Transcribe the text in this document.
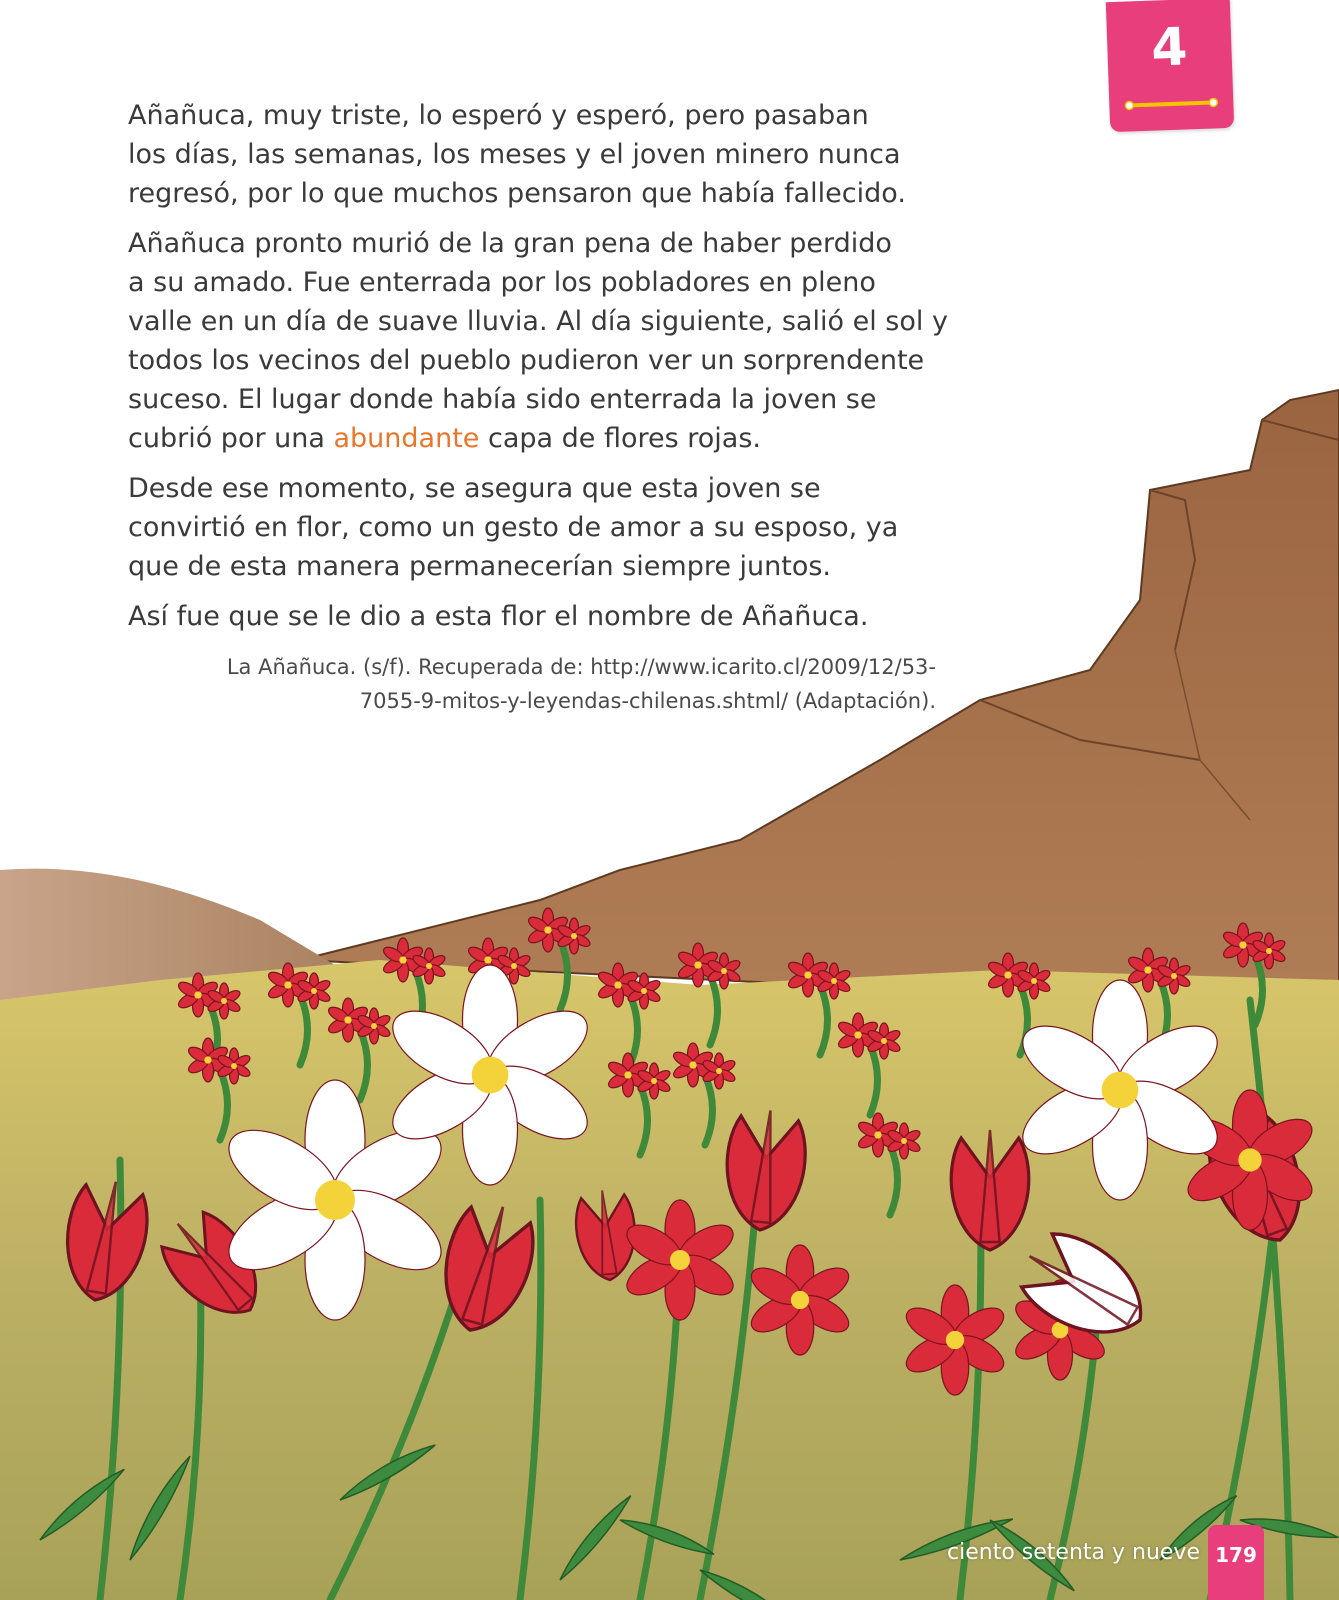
4

Añañuca, muy triste, lo esperó y esperó, pero pasaban
los días, las semanas, los meses y el joven minero nunca
regresó, por lo que muchos pensaron que había fallecido.

Añañuca pronto murió de la gran pena de haber perdido
a su amado. Fue enterrada por los pobladores en pleno
valle en un día de suave lluvia. Al día siguiente, salió el sol y
todos los vecinos del pueblo pudieron ver un sorprendente
suceso. El lugar donde había sido enterrada la joven se
cubrió por una abundante capa de flores rojas.

Desde ese momento, se asegura que esta joven se
convirtió en flor, como un gesto de amor a su esposo, ya
que de esta manera permanecerían siempre juntos.

Así fue que se le dio a esta flor el nombre de Añañuca.

La Añañuca. (s/f). Recuperada de: http://www.icarito.cl/2009/12/53-
7055-9-mitos-y-leyendas-chilenas.shtml/ (Adaptación).
ciento setenta y nueve 179
